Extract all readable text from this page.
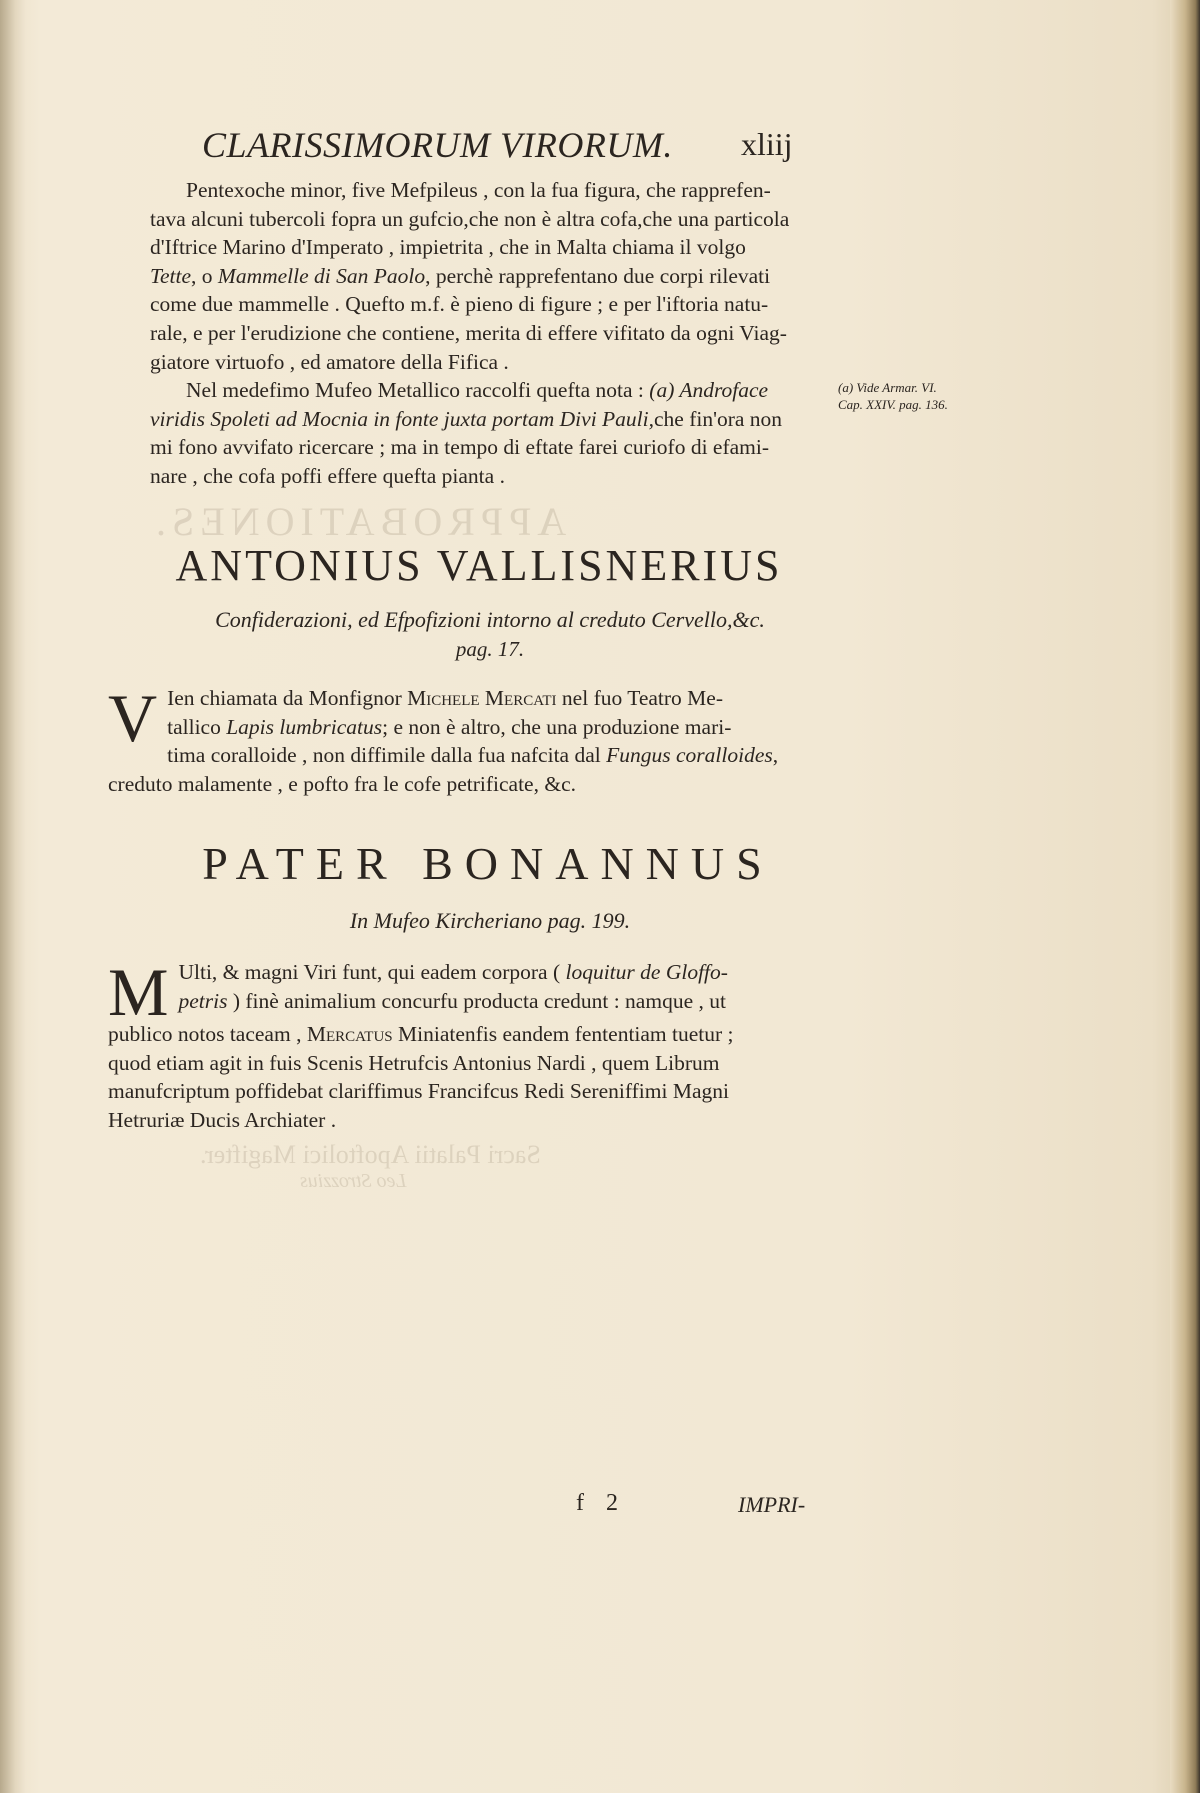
APPROBATIONES.
Sacri Palatii Apoftolici Magifter.
Leo Strozzius
CLARISSIMORUM VIRORUM. xliij

Pentexoche minor, five Mefpileus , con la fua figura, che rapprefen-

tava alcuni tubercoli fopra un gufcio,che non è altra cofa,che una particola

d'Iftrice Marino d'Imperato , impietrita , che in Malta chiama il volgo

Tette, o Mammelle di San Paolo, perchè rapprefentano due corpi rilevati

come due mammelle . Quefto m.f. è pieno di figure ; e per l'iftoria natu-

rale, e per l'erudizione che contiene, merita di effere vifitato da ogni Viag-

giatore virtuofo , ed amatore della Fifica .

Nel medefimo Mufeo Metallico raccolfi quefta nota : (a) Androface

viridis Spoleti ad Mocnia in fonte juxta portam Divi Pauli,che fin'ora non

mi fono avvifato ricercare ; ma in tempo di eftate farei curiofo di efami-

nare , che cofa poffi effere quefta pianta .

(a) Vide Armar. VI.
Cap. XXIV. pag. 136.
ANTONIUS VALLISNERIUS
Confiderazioni, ed Efpofizioni intorno al creduto Cervello,&c.
pag. 17.
V Ien chiamata da Monfignor Michele Mercati nel fuo Teatro Me-
tallico Lapis lumbricatus; e non è altro, che una produzione mari-
tima coralloide , non diffimile dalla fua nafcita dal Fungus coralloides,
creduto malamente , e pofto fra le cofe petrificate, &c.
PATER BONANNUS
In Mufeo Kircheriano pag. 199.
M Ulti, & magni Viri funt, qui eadem corpora ( loquitur de Gloffo-
petris ) finè animalium concurfu producta credunt : namque , ut
publico notos taceam , Mercatus Miniatenfis eandem fententiam tuetur ;
quod etiam agit in fuis Scenis Hetrufcis Antonius Nardi , quem Librum
manufcriptum poffidebat clariffimus Francifcus Redi Sereniffimi Magni
Hetruriæ Ducis Archiater .
f 2	IMPRI-
